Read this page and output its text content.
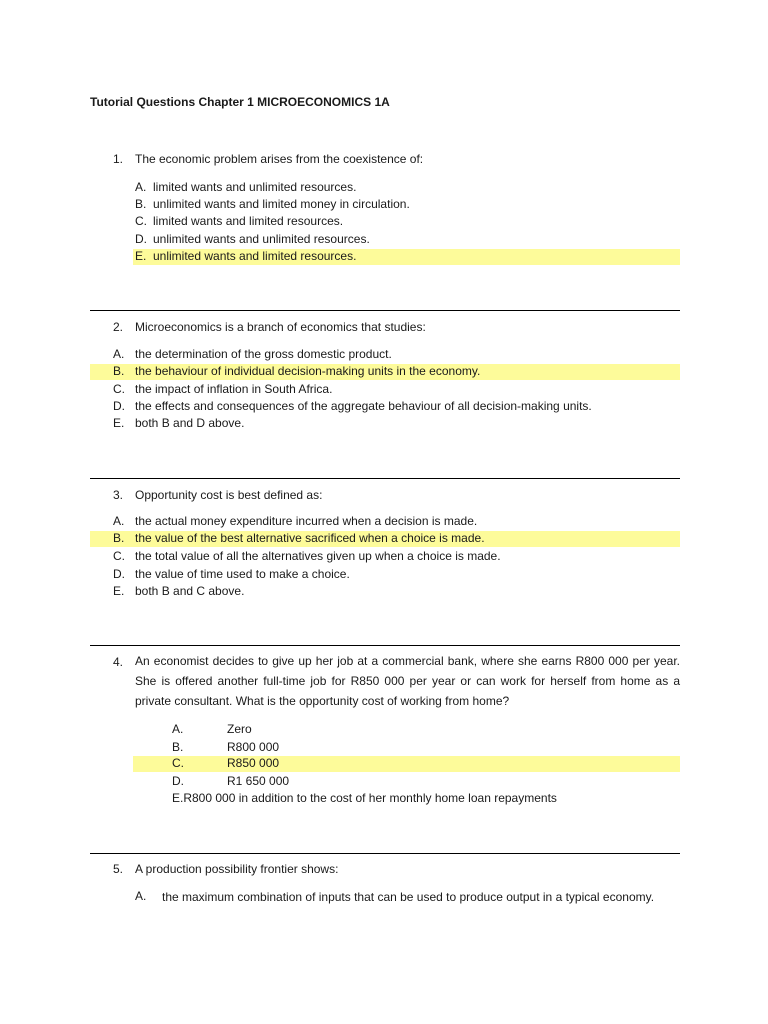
Tutorial Questions Chapter 1 MICROECONOMICS 1A
1. The economic problem arises from the coexistence of:
A. limited wants and unlimited resources.
B. unlimited wants and limited money in circulation.
C. limited wants and limited resources.
D. unlimited wants and unlimited resources.
E. unlimited wants and limited resources.
2. Microeconomics is a branch of economics that studies:
A. the determination of the gross domestic product.
B. the behaviour of individual decision-making units in the economy.
C. the impact of inflation in South Africa.
D. the effects and consequences of the aggregate behaviour of all decision-making units.
E. both B and D above.
3. Opportunity cost is best defined as:
A. the actual money expenditure incurred when a decision is made.
B. the value of the best alternative sacrificed when a choice is made.
C. the total value of all the alternatives given up when a choice is made.
D. the value of time used to make a choice.
E. both B and C above.
4. An economist decides to give up her job at a commercial bank, where she earns R800 000 per year. She is offered another full-time job for R850 000 per year or can work for herself from home as a private consultant. What is the opportunity cost of working from home?
A.	Zero
B.	R800 000
C.	R850 000
D.	R1 650 000
E.R800 000 in addition to the cost of her monthly home loan repayments
5. A production possibility frontier shows:
A. the maximum combination of inputs that can be used to produce output in a typical economy.
